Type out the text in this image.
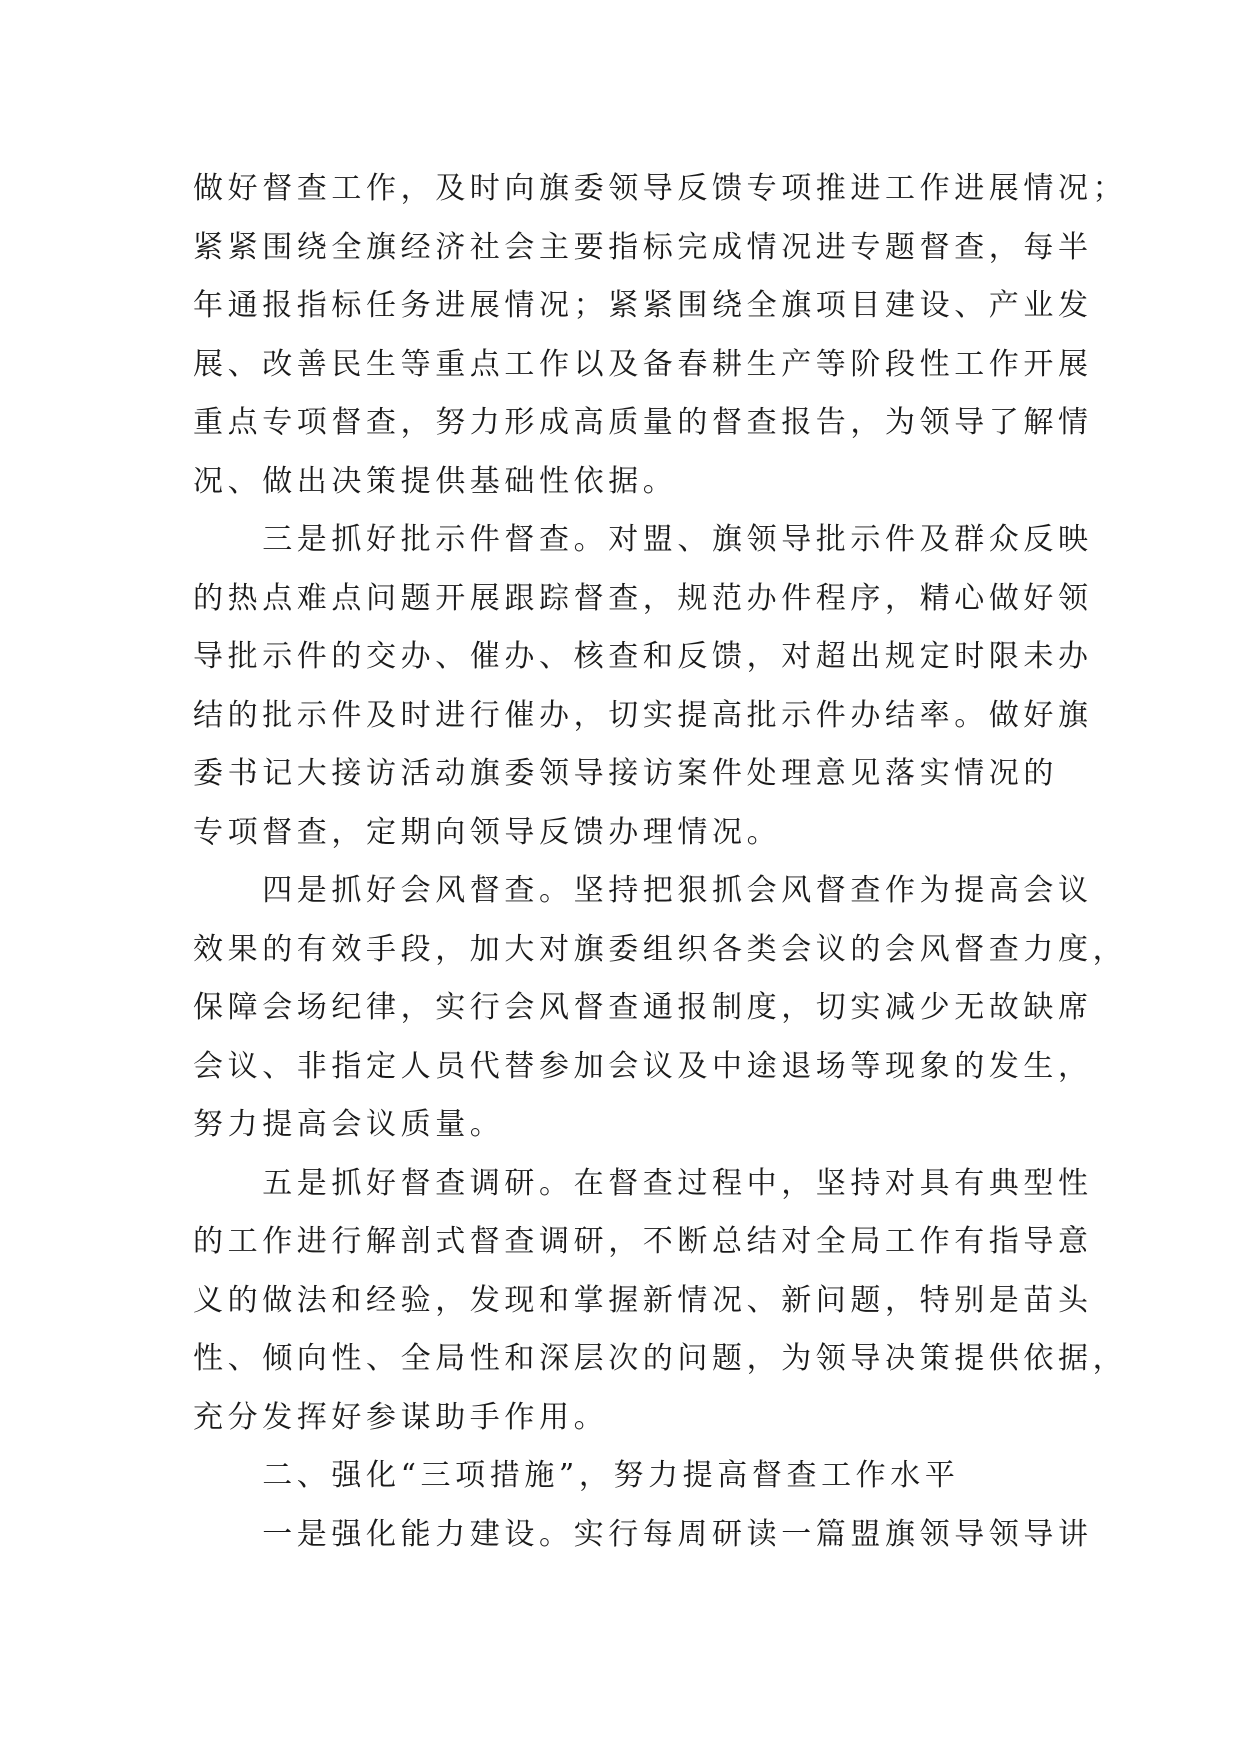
做好督查工作，及时向旗委领导反馈专项推进工作进展情况；
紧紧围绕全旗经济社会主要指标完成情况进专题督查，每半
年通报指标任务进展情况；紧紧围绕全旗项目建设、产业发
展、改善民生等重点工作以及备春耕生产等阶段性工作开展
重点专项督查，努力形成高质量的督查报告，为领导了解情
况、做出决策提供基础性依据。
　　三是抓好批示件督查。对盟、旗领导批示件及群众反映
的热点难点问题开展跟踪督查，规范办件程序，精心做好领
导批示件的交办、催办、核查和反馈，对超出规定时限未办
结的批示件及时进行催办，切实提高批示件办结率。做好旗
委书记大接访活动旗委领导接访案件处理意见落实情况的
专项督查，定期向领导反馈办理情况。
　　四是抓好会风督查。坚持把狠抓会风督查作为提高会议
效果的有效手段，加大对旗委组织各类会议的会风督查力度，
保障会场纪律，实行会风督查通报制度，切实减少无故缺席
会议、非指定人员代替参加会议及中途退场等现象的发生，
努力提高会议质量。
　　五是抓好督查调研。在督查过程中，坚持对具有典型性
的工作进行解剖式督查调研，不断总结对全局工作有指导意
义的做法和经验，发现和掌握新情况、新问题，特别是苗头
性、倾向性、全局性和深层次的问题，为领导决策提供依据，
充分发挥好参谋助手作用。
　　二、强化“三项措施”，努力提高督查工作水平
　　一是强化能力建设。实行每周研读一篇盟旗领导领导讲
